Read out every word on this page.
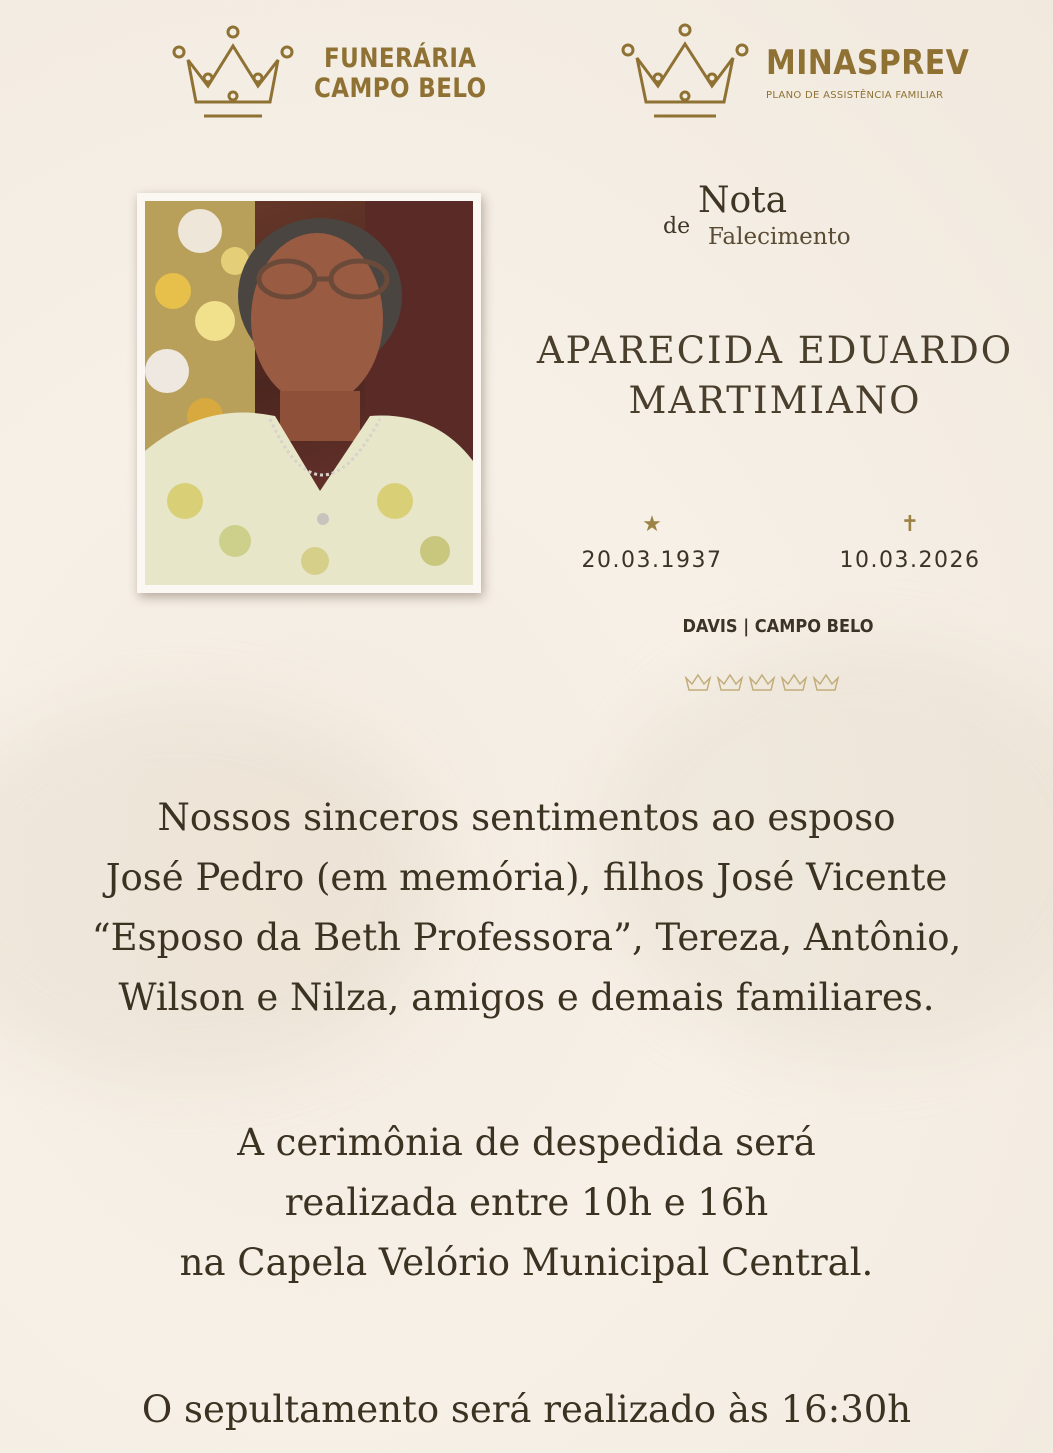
FUNERÁRIA
CAMPO BELO
MINASPREV
PLANO DE ASSISTÊNCIA FAMILIAR
Nota
de Falecimento
APARECIDA EDUARDO
MARTIMIANO
★
20.03.1937
✝
10.03.2026
DAVIS | CAMPO BELO
Nossos sinceros sentimentos ao esposo
José Pedro (em memória), filhos José Vicente
“Esposo da Beth Professora”, Tereza, Antônio,
Wilson e Nilza, amigos e demais familiares.
A cerimônia de despedida será
realizada entre 10h e 16h
na Capela Velório Municipal Central.
O sepultamento será realizado às 16:30h
